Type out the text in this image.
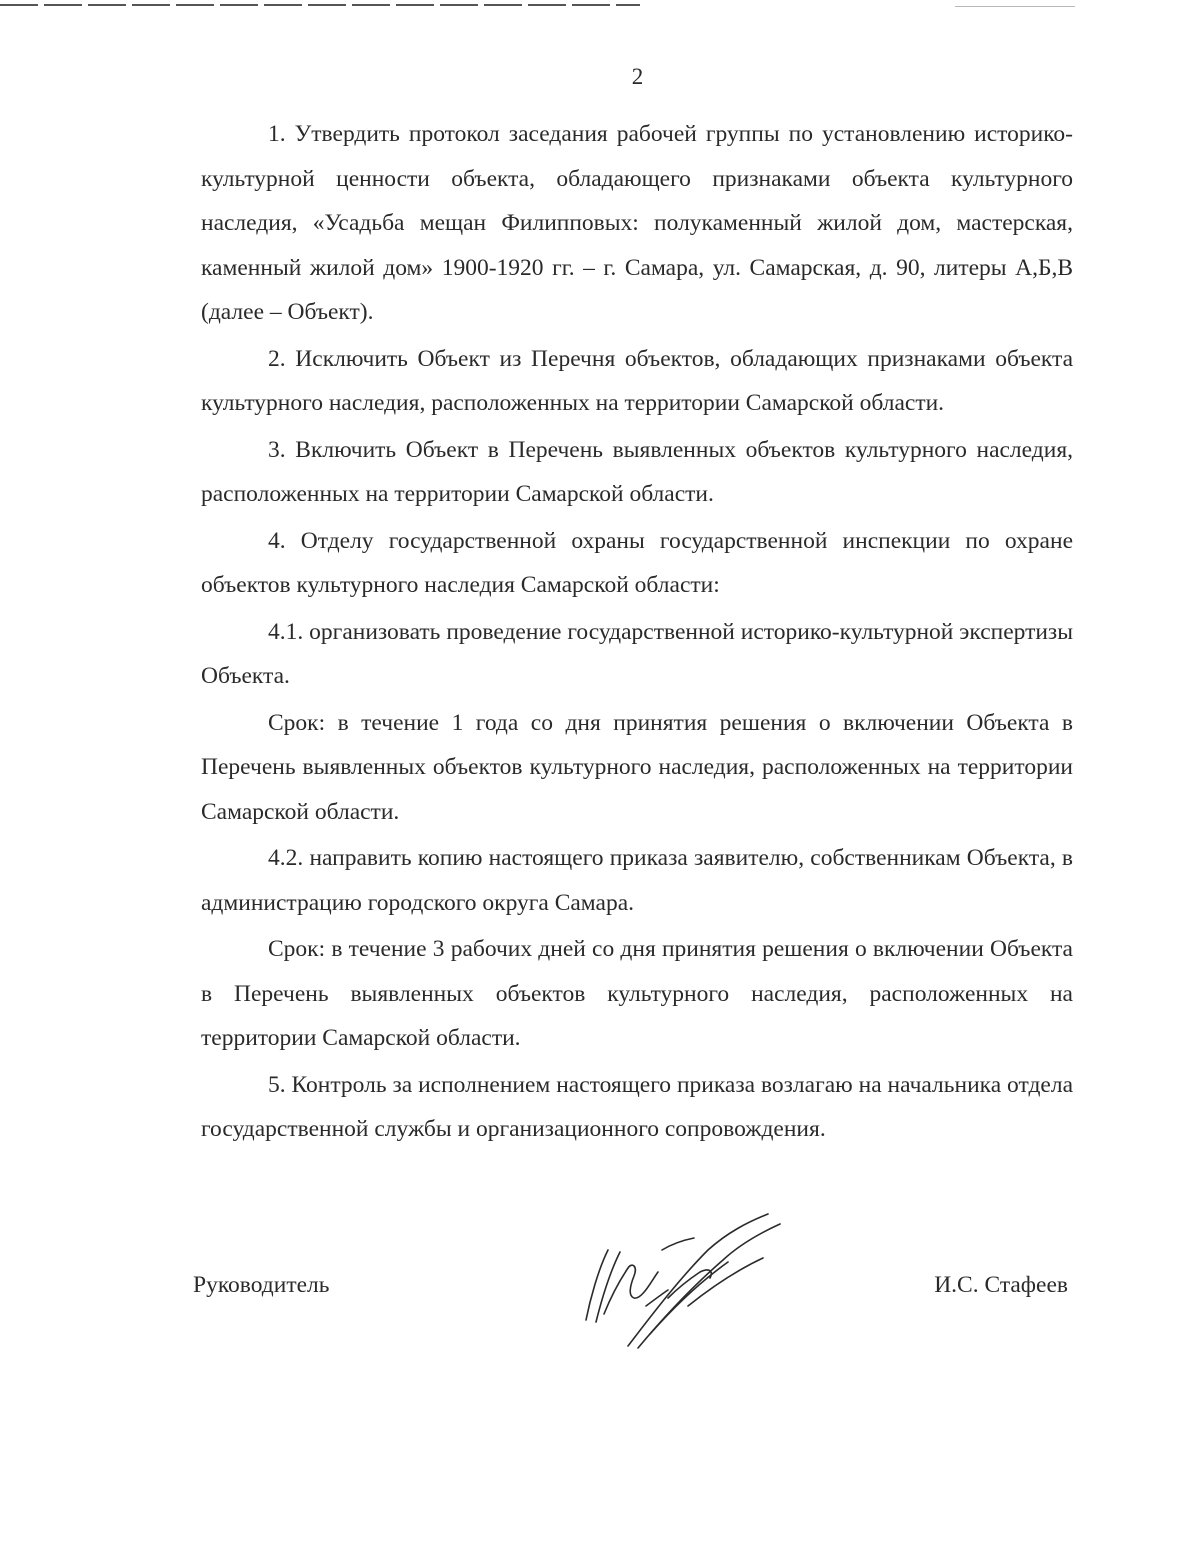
2

1. Утвердить протокол заседания рабочей группы по установлению историко-культурной ценности объекта, обладающего признаками объекта культурного наследия, «Усадьба мещан Филипповых: полукаменный жилой дом, мастерская, каменный жилой дом» 1900-1920 гг. – г. Самара, ул. Самарская, д. 90, литеры А,Б,В (далее – Объект).

2. Исключить Объект из Перечня объектов, обладающих признаками объекта культурного наследия, расположенных на территории Самарской области.

3. Включить Объект в Перечень выявленных объектов культурного наследия, расположенных на территории Самарской области.

4. Отделу государственной охраны государственной инспекции по охране объектов культурного наследия Самарской области:

4.1. организовать проведение государственной историко-культурной экспертизы Объекта.

Срок: в течение 1 года со дня принятия решения о включении Объекта в Перечень выявленных объектов культурного наследия, расположенных на территории Самарской области.

4.2. направить копию настоящего приказа заявителю, собственникам Объекта, в администрацию городского округа Самара.

Срок: в течение 3 рабочих дней со дня принятия решения о включении Объекта в Перечень выявленных объектов культурного наследия, расположенных на территории Самарской области.

5. Контроль за исполнением настоящего приказа возлагаю на начальника отдела государственной службы и организационного сопровождения.

Руководитель	И.С. Стафеев
